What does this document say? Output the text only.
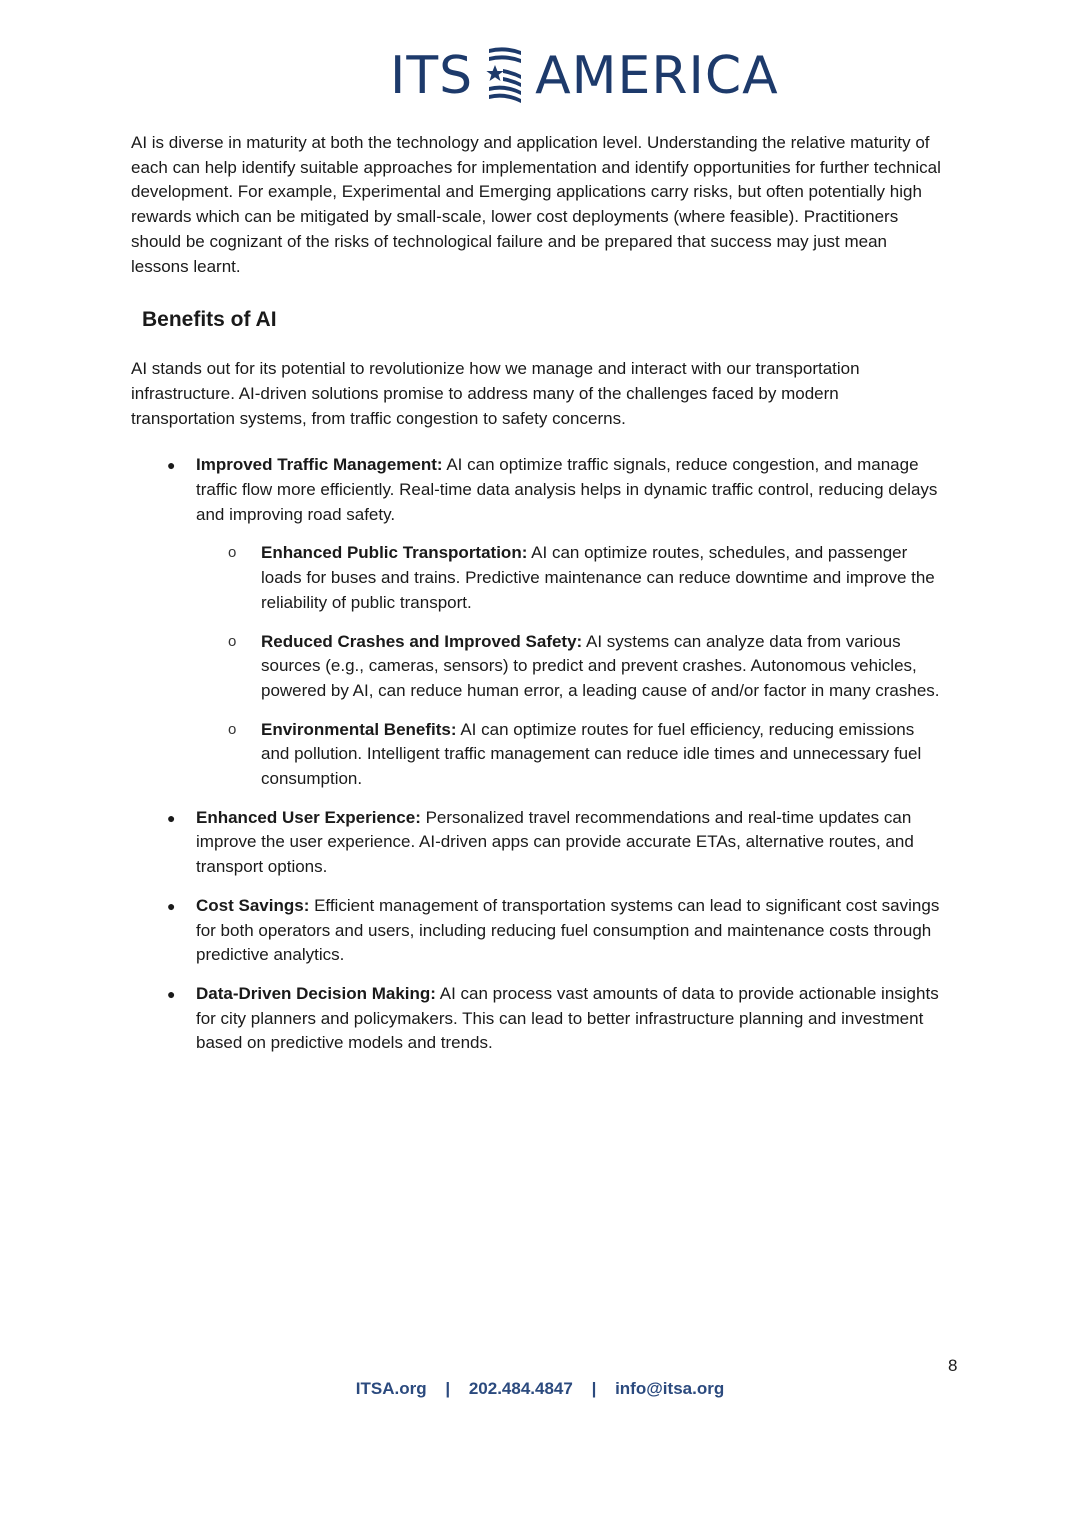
ITS AMERICA

AI is diverse in maturity at both the technology and application level. Understanding the relative maturity of each can help identify suitable approaches for implementation and identify opportunities for further technical development. For example, Experimental and Emerging applications carry risks, but often potentially high rewards which can be mitigated by small-scale, lower cost deployments (where feasible). Practitioners should be cognizant of the risks of technological failure and be prepared that success may just mean lessons learnt.

Benefits of AI

AI stands out for its potential to revolutionize how we manage and interact with our transportation infrastructure. AI-driven solutions promise to address many of the challenges faced by modern transportation systems, from traffic congestion to safety concerns.

● Improved Traffic Management: AI can optimize traffic signals, reduce congestion, and manage traffic flow more efficiently. Real-time data analysis helps in dynamic traffic control, reducing delays and improving road safety.
o Enhanced Public Transportation: AI can optimize routes, schedules, and passenger loads for buses and trains. Predictive maintenance can reduce downtime and improve the reliability of public transport.
o Reduced Crashes and Improved Safety: AI systems can analyze data from various sources (e.g., cameras, sensors) to predict and prevent crashes. Autonomous vehicles, powered by AI, can reduce human error, a leading cause of and/or factor in many crashes.
o Environmental Benefits: AI can optimize routes for fuel efficiency, reducing emissions and pollution. Intelligent traffic management can reduce idle times and unnecessary fuel consumption.
● Enhanced User Experience: Personalized travel recommendations and real-time updates can improve the user experience. AI-driven apps can provide accurate ETAs, alternative routes, and transport options.
● Cost Savings: Efficient management of transportation systems can lead to significant cost savings for both operators and users, including reducing fuel consumption and maintenance costs through predictive analytics.
● Data-Driven Decision Making: AI can process vast amounts of data to provide actionable insights for city planners and policymakers. This can lead to better infrastructure planning and investment based on predictive models and trends.
8
ITSA.org | 202.484.4847 | info@itsa.org
